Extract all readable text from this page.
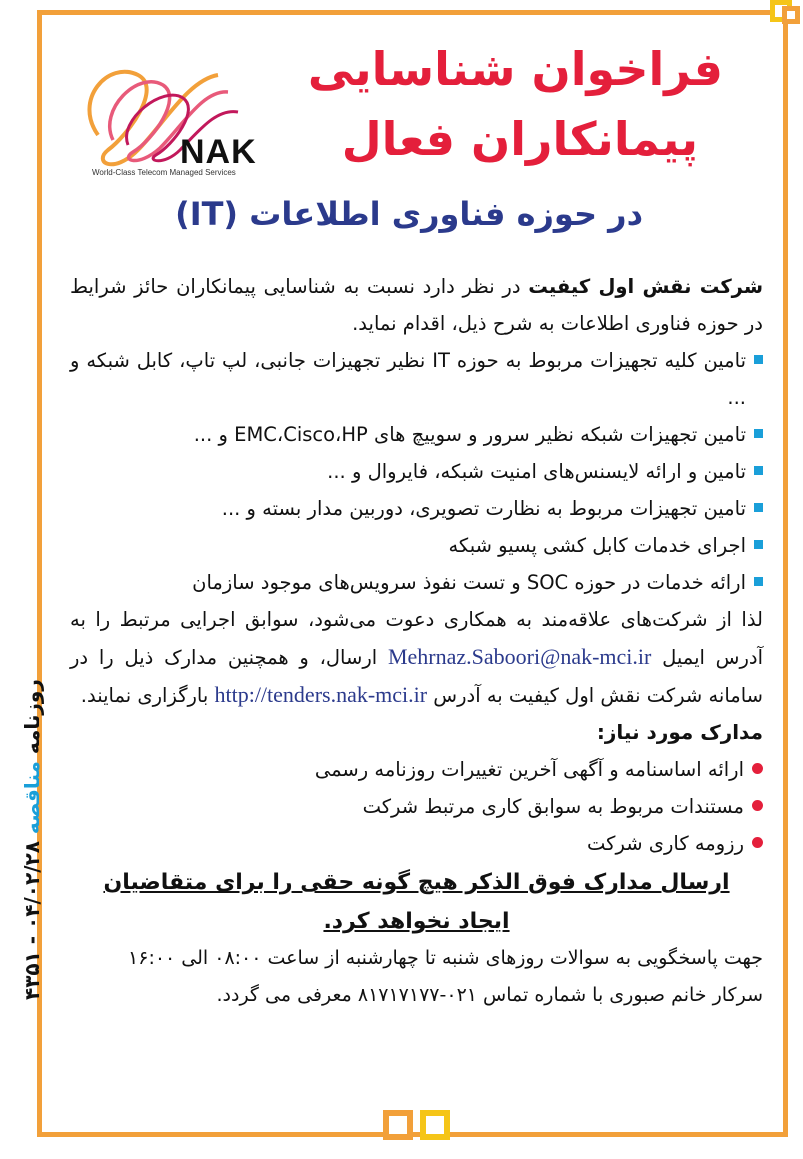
NAK
World-Class Telecom Managed Services
فراخوان شناسایی
پیمانکاران فعال
در حوزه فناوری اطلاعات (IT)

شرکت نقش اول کیفیت در نظر دارد نسبت به شناسایی پیمانکاران حائز شرایط در حوزه فناوری اطلاعات به شرح ذیل، اقدام نماید.

تامین کلیه تجهیزات مربوط به حوزه IT نظیر تجهیزات جانبی، لپ تاپ، کابل شبکه و ...
تامین تجهیزات شبکه نظیر سرور و سوییچ های EMC،Cisco،HP و ...
تامین و ارائه لایسنس‌های امنیت شبکه، فایروال و ...
تامین تجهیزات مربوط به نظارت تصویری، دوربین مدار بسته و ...
اجرای خدمات کابل کشی پسیو شبکه
ارائه خدمات در حوزه SOC و تست نفوذ سرویس‌های موجود سازمان

لذا از شرکت‌های علاقه‌مند به همکاری دعوت می‌شود، سوابق اجرایی مرتبط را به آدرس ایمیل Mehrnaz.Saboori@nak-mci.ir ارسال، و همچنین مدارک ذیل را در سامانه شرکت نقش اول کیفیت به آدرس http://tenders.nak-mci.ir بارگزاری نمایند.

مدارک مورد نیاز:
ارائه اساسنامه و آگهی آخرین تغییرات روزنامه رسمی
مستندات مربوط به سوابق کاری مرتبط شرکت
رزومه کاری شرکت
ارسال مدارک فوق الذکر هیچ گونه حقی را برای متقاضیان
ایجاد نخواهد کرد.
جهت پاسخگویی به سوالات روزهای شنبه تا چهارشنبه از ساعت ۰۸:۰۰ الی ۱۶:۰۰
سرکار خانم صبوری با شماره تماس ۰۲۱-۸۱۷۱۷۱۷۷ معرفی می گردد.
روزنامه مناقصه ۰۴/۰۲/۲۸ - ۴۳۵۱
